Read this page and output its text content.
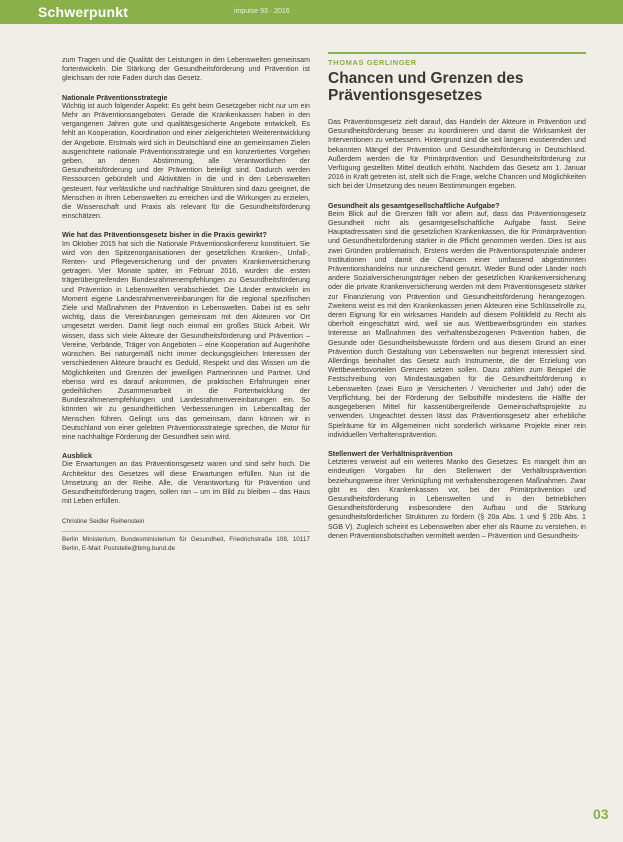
Schwerpunkt	impulse 93 · 2016

zum Tragen und die Qualität der Leistungen in den Lebenswelten gemeinsam fortentwickeln. Die Stärkung der Gesundheitsförderung und Prävention ist gleichsam der rote Faden durch das Gesetz.

Nationale Präventionsstrategie

Wichtig ist auch folgender Aspekt: Es geht beim Gesetzgeber nicht nur um ein Mehr an Präventionsangeboten. Gerade die Krankenkassen haben in den vergangenen Jahren gute und qualitätsgesicherte Angebote entwickelt. Es fehlt an Kooperation, Koordination und einer zielgerichteten Weiterentwicklung der Angebote. Erstmals wird sich in Deutschland eine an gemeinsamen Zielen ausgerichtete nationale Präventionsstrategie und ein konzertiertes Vorgehen geben, an denen Abstimmung, alle Verantwortlichen der Gesundheitsförderung und der Prävention beteiligt sind. Dadurch werden Ressourcen gebündelt und Aktivitäten in die und in den Lebenswelten gesteuert. Nur verlässliche und nachhaltige Strukturen sind dazu geeignet, die Menschen in ihren Lebenswelten zu erreichen und die Wirkungen zu erzielen, die Wissenschaft und Praxis als relevant für die Gesundheitsförderung einschätzen.

Wie hat das Präventionsgesetz bisher in die Praxis gewirkt?

Im Oktober 2015 hat sich die Nationale Präventionskonferenz konstituiert. Sie wird von den Spitzenorganisationen der gesetzlichen Kranken-, Unfall-, Renten- und Pflegeversicherung und der privaten Krankenversicherung getragen. Vier Monate später, im Februar 2016, wurden die ersten trägerübergreifenden Bundesrahmenempfehlungen zu Gesundheitsförderung und Prävention in Lebenswelten verabschiedet. Die Länder entwickeln im Moment eigene Landesrahmenvereinbarungen für die regional spezifischen Ziele und Maßnahmen der Prävention in Lebenswelten. Dabei ist es sehr wichtig, dass die Vereinbarungen gemeinsam mit den Akteuren vor Ort umgesetzt werden. Damit liegt noch einmal ein großes Stück Arbeit. Wir wissen, dass sich viele Akteure der Gesundheitsförderung und Prävention – Vereine, Verbände, Träger von Angeboten – eine Kooperation auf Augenhöhe wünschen. Bei naturgemäß nicht immer deckungsgleichen Interessen der verschiedenen Akteure braucht es Geduld, Respekt und das Wissen um die Möglichkeiten und Grenzen der jeweiligen Partnerinnen und Partner. Und ebenso wird es darauf ankommen, die praktischen Erfahrungen einer gedeihlichen Zusammenarbeit in die Fortentwicklung der Bundesrahmenempfehlungen und Landesrahmenvereinbarungen ein. So könnten wir zu gesundheitlichen Verbesserungen im Lebensalltag der Menschen führen. Gelingt uns das gemeinsam, dann können wir in Deutschland von einer gelebten Präventionsstrategie sprechen, die Motor für eine nachhaltige Förderung der Gesundheit sein wird.

Ausblick

Die Erwartungen an das Präventionsgesetz waren und sind sehr hoch. Die Architektur des Gesetzes will diese Erwartungen erfüllen. Nun ist die Umsetzung an der Reihe. Alle, die Verantwortung für Prävention und Gesundheitsförderung tragen, sollen ran – um im Bild zu bleiben – das Haus mit Leben erfüllen.

Christine Seidler Reihenstein
Berlin Ministerium, Bundesministerium für Gesundheit, Friedrichstraße 108, 10117 Berlin, E-Mail: Poststelle@bmg.bund.de
THOMAS GERLINGER
Chancen und Grenzen des Präventionsgesetzes

Das Präventionsgesetz zielt darauf, das Handeln der Akteure in Prävention und Gesundheitsförderung besser zu koordinieren und damit die Wirksamkeit der Interventionen zu verbessern. Hintergrund sind die seit langem existierenden und bekannten Mängel der Prävention und Gesundheitsförderung in Deutschland. Außerdem werden die für Primärprävention und Gesundheitsförderung zur Verfügung gestellten Mittel deutlich erhöht. Nachdem das Gesetz am 1. Januar 2016 in Kraft getreten ist, stellt sich die Frage, welche Chancen und Möglichkeiten sich bei der Umsetzung des neuen Bestimmungen ergeben.

Gesundheit als gesamtgesellschaftliche Aufgabe?

Beim Blick auf die Grenzen fällt vor allem auf, dass das Präventionsgesetz Gesundheit nicht als gesamtgesellschaftliche Aufgabe fasst. Seine Hauptadressaten sind die gesetzlichen Krankenkassen, die für Primärprävention und Gesundheitsförderung stärker in die Pflicht genommen werden. Dies ist aus zwei Gründen problematisch. Erstens werden die Präventionspotenziale anderer Institutionen und damit die Chancen einer umfassend abgestimmten Präventionshandelns nur unzureichend genutzt. Weder Bund oder Länder noch andere Sozialversicherungsträger neben der gesetzlichen Krankenversicherung oder die private Krankenversicherung werden mit dem Präventionsgesetz stärker zur Finanzierung von Prävention und Gesundheitsförderung herangezogen. Zweitens weist es mit den Krankenkassen jenen Akteuren eine Schlüsselrolle zu, deren Eignung für ein wirksames Handeln auf diesem Politikfeld zu Recht als überholt eingeschätzt wird, weil sie aus Wettbewerbsgründen ein starkes Interesse an Maßnahmen des verhaltensbezogenen Prävention haben, die Gesunde oder Gesundheitsbewusste fördern und aus diesem Grund an einer Prävention durch Gestaltung von Lebenswelten nur begrenzt interessiert sind. Allerdings beinhaltet das Gesetz auch Instrumente, die der Erzielung von Wettbewerbsvorteilen Grenzen setzen sollen. Dazu zählen zum Beispiel die Festschreibung von Mindestausgaben für die Gesundheitsförderung in Lebenswelten (zwei Euro je Versicherten / Versicherter und Jahr) oder die Verpflichtung, bei der Förderung der Selbsthilfe mindestens die Hälfte der ausgegebenen Mittel für kassenübergreifende Gemeinschaftsprojekte zu verwenden. Ungeachtet dessen lässt das Präventionsgesetz aber erhebliche Spielräume für im Allgemeinen nicht sonderlich wirksame Projekte einer rein individuellen Verhaltensprävention.

Stellenwert der Verhältnisprävention

Letzteres verweist auf ein weiteres Manko des Gesetzes: Es mangelt ihm an eindeutigen Vorgaben für den Stellenwert der Verhältnisprävention beziehungsweise ihrer Verknüpfung mit verhaltensbezogenen Maßnahmen. Zwar gibt es den Krankenkassen vor, bei der Primärprävention und Gesundheitsförderung in Lebenswelten und in den betrieblichen Gesundheitsförderung insbesondere den Aufbau und die Stärkung gesundheitsförderlicher Strukturen zu fördern (§ 20a Abs. 1 und § 20b Abs. 1 SGB V). Zugleich scheint es Lebenswelten aber eher als Räume zu verstehen, in denen Präventionsbotschaften vermittelt werden – Prävention und Gesundheits-

03
